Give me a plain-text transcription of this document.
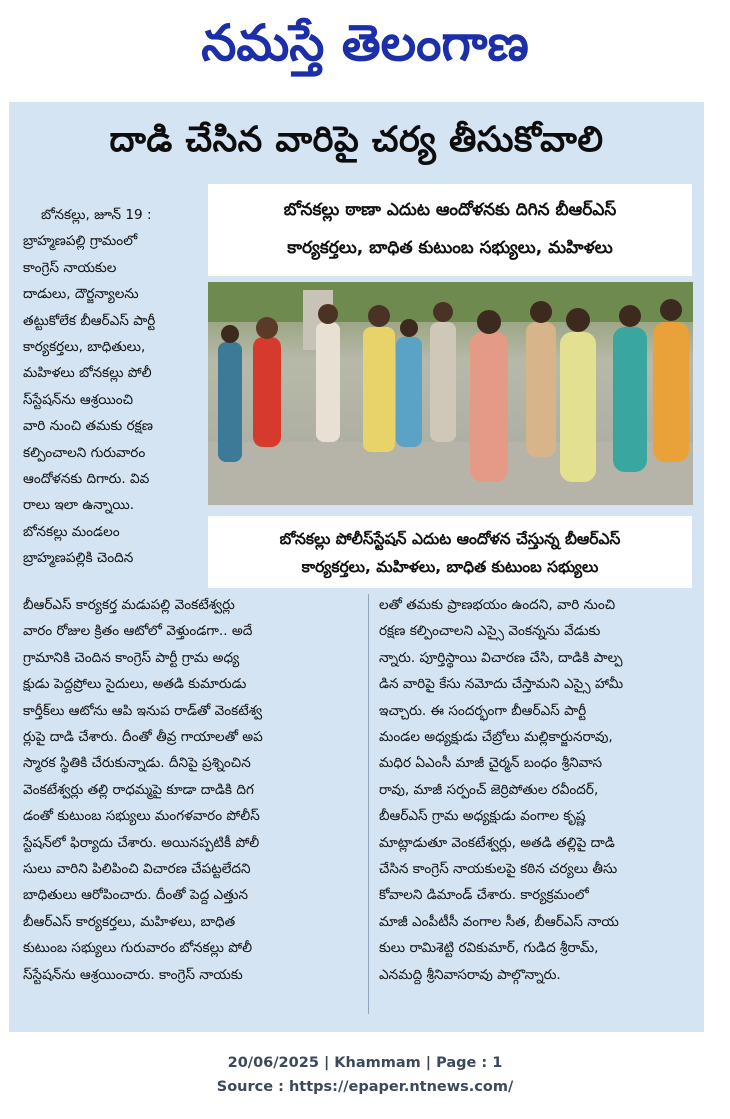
నమస్తే తెలంగాణ
దాడి చేసిన వారిపై చర్య తీసుకోవాలి
బోనకల్లు ఠాణా ఎదుట ఆందోళనకు దిగిన బీఆర్ఎస్
కార్యకర్తలు, బాధిత కుటుంబ సభ్యులు, మహిళలు
బోనకల్లు పోలీస్‌స్టేషన్ ఎదుట ఆందోళన చేస్తున్న బీఆర్ఎస్
కార్యకర్తలు, మహిళలు, బాధిత కుటుంబ సభ్యులు
బోనకల్లు, జూన్ 19 :
బ్రాహ్మణపల్లి గ్రామంలో
కాంగ్రెస్ నాయకుల
దాడులు, దౌర్జన్యాలను
తట్టుకోలేక బీఆర్ఎస్ పార్టీ
కార్యకర్తలు, బాధితులు,
మహిళలు బోనకల్లు పోలీ
స్‌స్టేషన్‌ను ఆశ్రయించి
వారి నుంచి తమకు రక్షణ
కల్పించాలని గురువారం
ఆందోళనకు దిగారు. వివ
రాలు ఇలా ఉన్నాయి.
బోనకల్లు మండలం
బ్రాహ్మణపల్లికి చెందిన
బీఆర్ఎస్ కార్యకర్త మడుపల్లి వెంకటేశ్వర్లు
వారం రోజుల క్రితం ఆటోలో వెళ్తుండగా.. అదే
గ్రామానికి చెందిన కాంగ్రెస్ పార్టీ గ్రామ అధ్య
క్షుడు పెద్దప్రోలు సైదులు, అతడి కుమారుడు
కార్తీక్‌లు ఆటోను ఆపి ఇనుప రాడ్‌తో వెంకటేశ్వ
ర్లుపై దాడి చేశారు. దీంతో తీవ్ర గాయాలతో అప
స్మారక స్థితికి చేరుకున్నాడు. దీనిపై ప్రశ్నించిన
వెంకటేశ్వర్లు తల్లి రాధమ్మపై కూడా దాడికి దిగ
డంతో కుటుంబ సభ్యులు మంగళవారం పోలీస్
స్టేషన్‌లో ఫిర్యాదు చేశారు. అయినప్పటికీ పోలీ
సులు వారిని పిలిపించి విచారణ చేపట్టలేదని
బాధితులు ఆరోపించారు. దీంతో పెద్ద ఎత్తున
బీఆర్ఎస్ కార్యకర్తలు, మహిళలు, బాధిత
కుటుంబ సభ్యులు గురువారం బోనకల్లు పోలీ
స్‌స్టేషన్‌ను ఆశ్రయించారు. కాంగ్రెస్ నాయకు
లతో తమకు ప్రాణభయం ఉందని, వారి నుంచి
రక్షణ కల్పించాలని ఎస్సై వెంకన్నను వేడుకు
న్నారు. పూర్తిస్థాయి విచారణ చేసి, దాడికి పాల్ప
డిన వారిపై కేసు నమోదు చేస్తామని ఎస్సై హామీ
ఇచ్చారు. ఈ సందర్భంగా బీఆర్ఎస్ పార్టీ
మండల అధ్యక్షుడు చేబ్రోలు మల్లికార్జునరావు,
మధిర ఏఎంసీ మాజీ చైర్మన్ బంధం శ్రీనివాస
రావు, మాజీ సర్పంచ్ జెర్రిపోతుల రవీందర్,
బీఆర్ఎస్ గ్రామ అధ్యక్షుడు వంగాల కృష్ణ
మాట్లాడుతూ వెంకటేశ్వర్లు, అతడి తల్లిపై దాడి
చేసిన కాంగ్రెస్ నాయకులపై కఠిన చర్యలు తీసు
కోవాలని డిమాండ్ చేశారు. కార్యక్రమంలో
మాజీ ఎంపీటీసీ వంగాల సీత, బీఆర్ఎస్ నాయ
కులు రామిశెట్టి రవికుమార్, గుడిద శ్రీరామ్,
ఎనమద్ది శ్రీనివాసరావు పాల్గొన్నారు.
20/06/2025 | Khammam | Page : 1
Source : https://epaper.ntnews.com/
